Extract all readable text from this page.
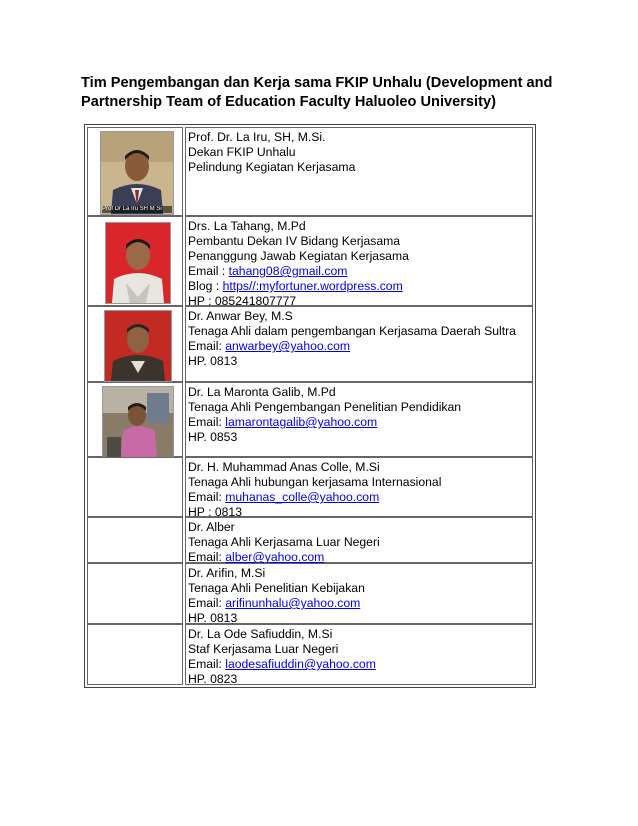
Tim Pengembangan dan Kerja sama FKIP Unhalu (Development and
Partnership Team of Education Faculty Haluoleo University)
Prof Dr La Iru SH M Si
Prof. Dr. La Iru, SH, M.Si.
Dekan FKIP Unhalu
Pelindung Kegiatan Kerjasama
Drs. La Tahang, M.Pd
Pembantu Dekan IV Bidang Kerjasama
Penanggung Jawab Kegiatan Kerjasama
Email : tahang08@gmail.com
Blog : https//:myfortuner.wordpress.com
HP : 085241807777
Dr. Anwar Bey, M.S
Tenaga Ahli dalam pengembangan Kerjasama Daerah Sultra
Email: anwarbey@yahoo.com
HP. 0813
Dr. La Maronta Galib, M.Pd
Tenaga Ahli Pengembangan Penelitian Pendidikan
Email: lamarontagalib@yahoo.com
HP. 0853
Dr. H. Muhammad Anas Colle, M.Si
Tenaga Ahli hubungan kerjasama Internasional
Email: muhanas_colle@yahoo.com
HP : 0813
Dr. Alber
Tenaga Ahli Kerjasama Luar Negeri
Email: alber@yahoo.com
Dr. Arifin, M.Si
Tenaga Ahli Penelitian Kebijakan
Email: arifinunhalu@yahoo.com
HP. 0813
Dr. La Ode Safiuddin, M.Si
Staf Kerjasama Luar Negeri
Email: laodesafiuddin@yahoo.com
HP. 0823
